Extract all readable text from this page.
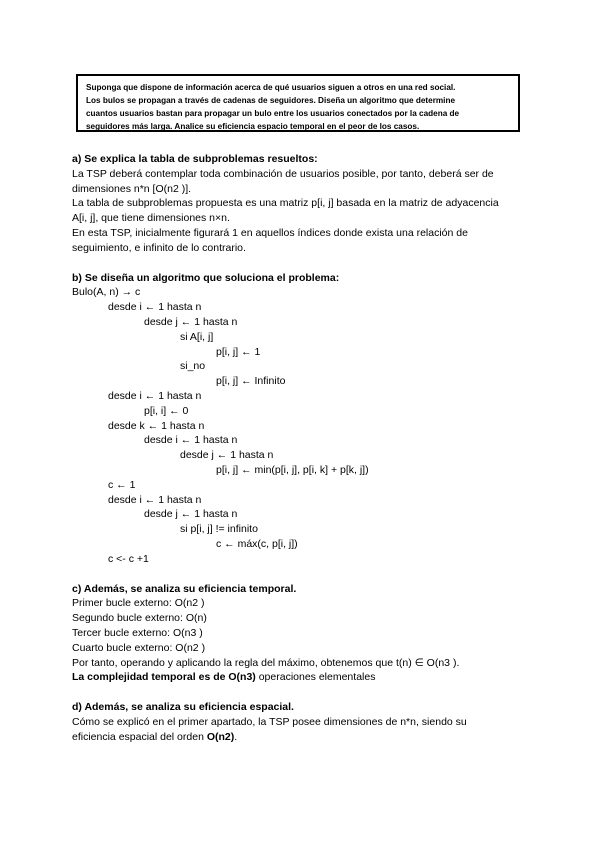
Suponga que dispone de información acerca de qué usuarios siguen a otros en una red social.
Los bulos se propagan a través de cadenas de seguidores. Diseña un algoritmo que determine
cuantos usuarios bastan para propagar un bulo entre los usuarios conectados por la cadena de
seguidores más larga. Analice su eficiencia espacio temporal en el peor de los casos.
a) Se explica la tabla de subproblemas resueltos:
La TSP deberá contemplar toda combinación de usuarios posible, por tanto, deberá ser de
dimensiones n*n [O(n2 )].
La tabla de subproblemas propuesta es una matriz p[i, j] basada en la matriz de adyacencia
A[i, j], que tiene dimensiones n×n.
En esta TSP, inicialmente figurará 1 en aquellos índices donde exista una relación de
seguimiento, e infinito de lo contrario.
b) Se diseña un algoritmo que soluciona el problema:
Bulo(A, n) → c
desde i ← 1 hasta n
desde j ← 1 hasta n
si A[i, j]
p[i, j] ← 1
si_no
p[i, j] ← Infinito
desde i ← 1 hasta n
p[i, i] ← 0
desde k ← 1 hasta n
desde i ← 1 hasta n
desde j ← 1 hasta n
p[i, j] ← min(p[i, j], p[i, k] + p[k, j])
c ← 1
desde i ← 1 hasta n
desde j ← 1 hasta n
si p[i, j] != infinito
c ← máx(c, p[i, j])
c <- c +1
c) Además, se analiza su eficiencia temporal.
Primer bucle externo: O(n2 )
Segundo bucle externo: O(n)
Tercer bucle externo: O(n3 )
Cuarto bucle externo: O(n2 )
Por tanto, operando y aplicando la regla del máximo, obtenemos que t(n) ∈ O(n3 ).
La complejidad temporal es de O(n3) operaciones elementales
d) Además, se analiza su eficiencia espacial.
Cómo se explicó en el primer apartado, la TSP posee dimensiones de n*n, siendo su
eficiencia espacial del orden O(n2).
